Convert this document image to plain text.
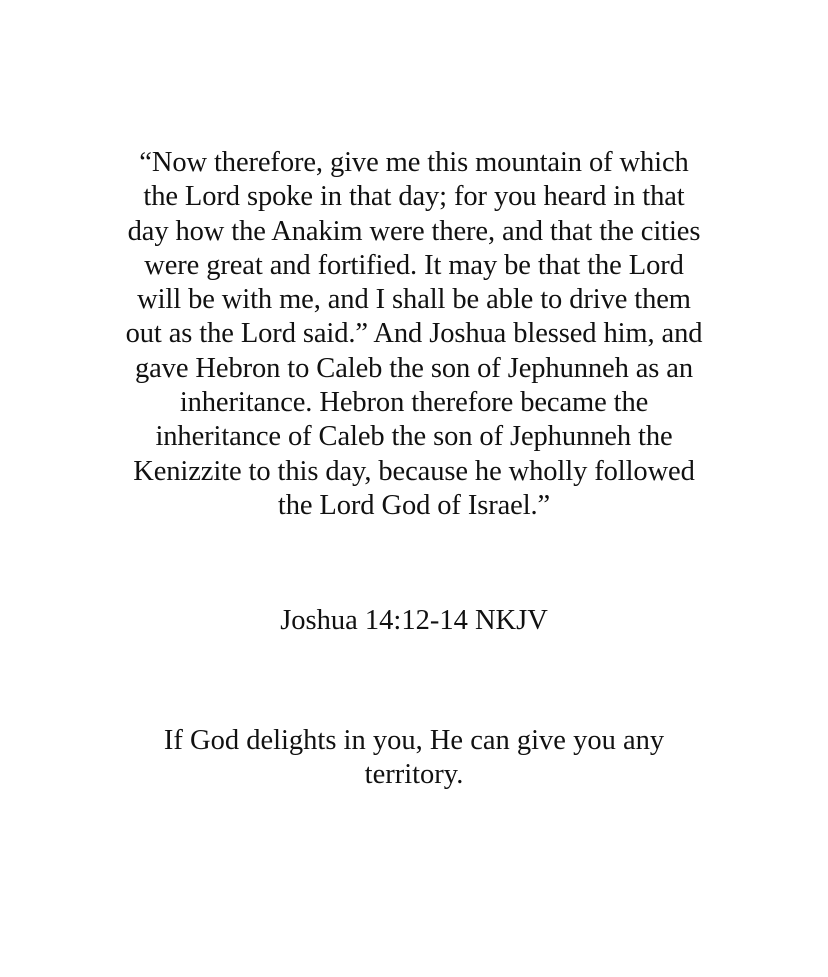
“Now therefore, give me this mountain of which
the Lord spoke in that day; for you heard in that
day how the Anakim were there, and that the cities
were great and fortified. It may be that the Lord
will be with me, and I shall be able to drive them
out as the Lord said.” And Joshua blessed him, and
gave Hebron to Caleb the son of Jephunneh as an
inheritance. Hebron therefore became the
inheritance of Caleb the son of Jephunneh the
Kenizzite to this day, because he wholly followed
the Lord God of Israel.”

Joshua 14:12-14 NKJV

If God delights in you, He can give you any
territory.
